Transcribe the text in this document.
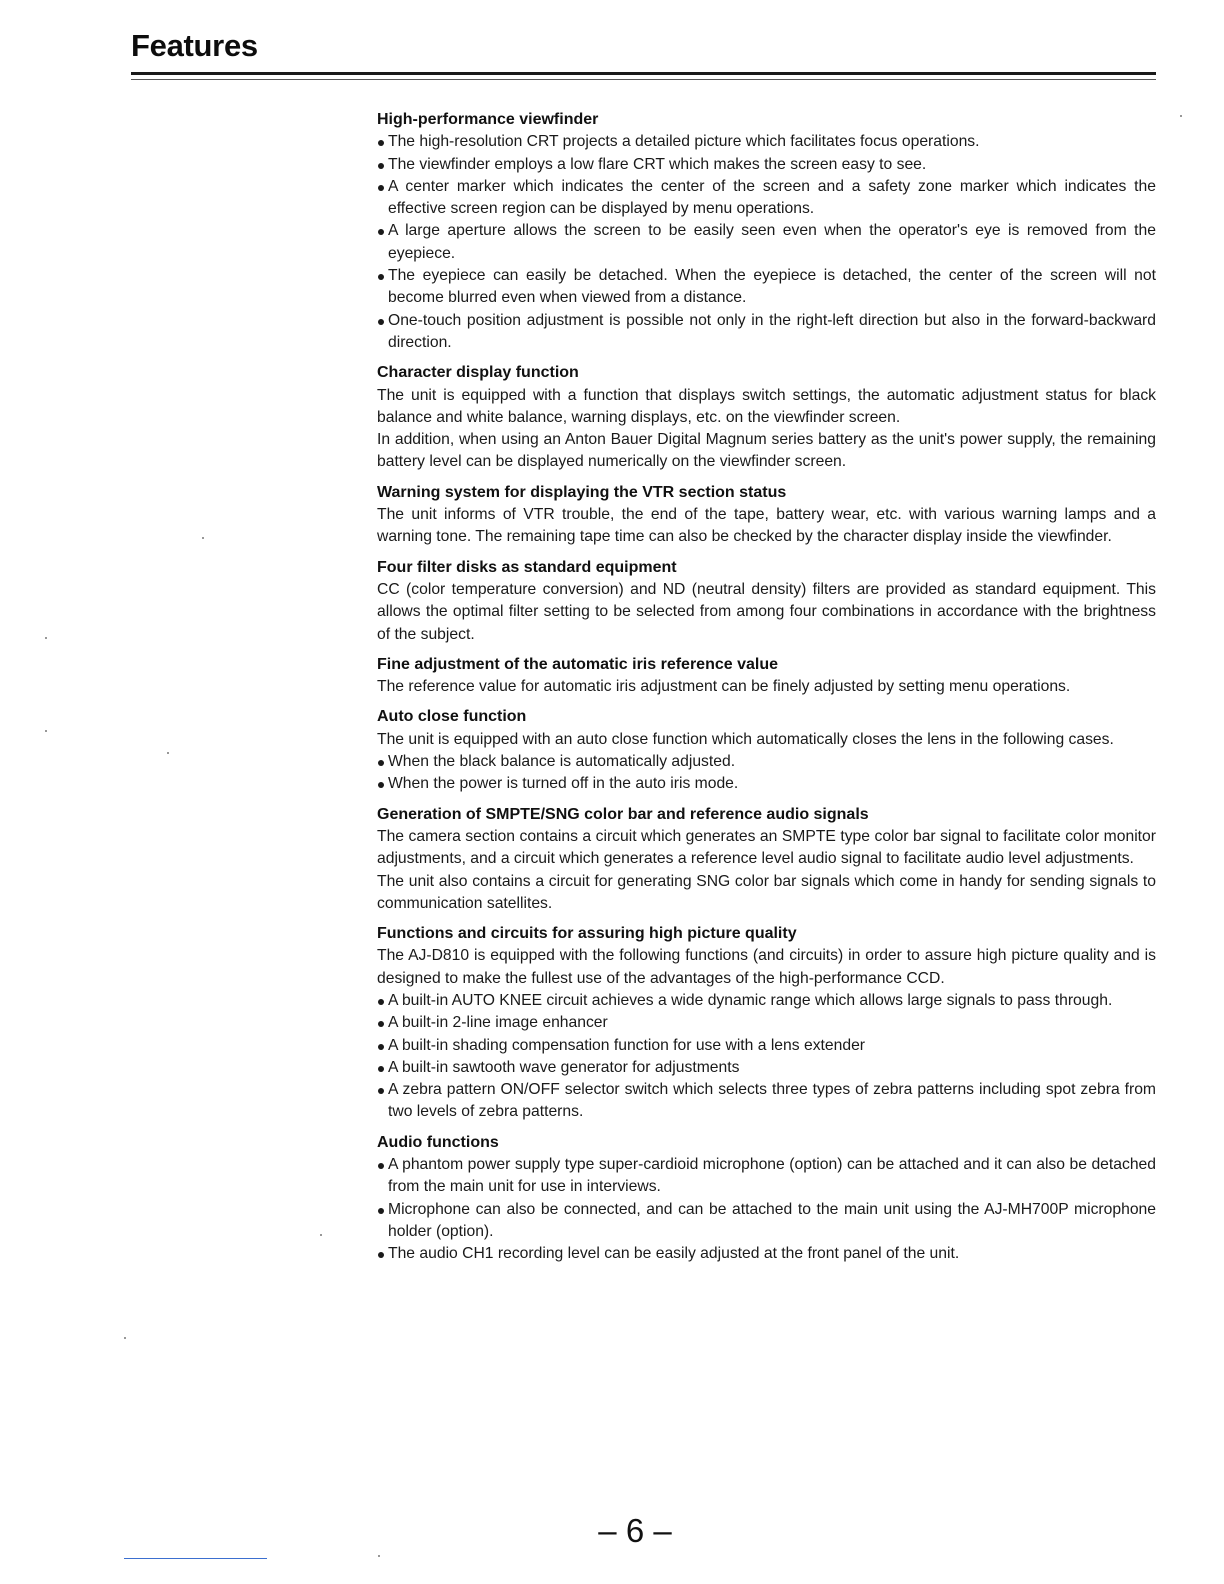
Features
High-performance viewfinder
The high-resolution CRT projects a detailed picture which facilitates focus operations.
The viewfinder employs a low flare CRT which makes the screen easy to see.
A center marker which indicates the center of the screen and a safety zone marker which indicates the effective screen region can be displayed by menu operations.
A large aperture allows the screen to be easily seen even when the operator's eye is removed from the eyepiece.
The eyepiece can easily be detached. When the eyepiece is detached, the center of the screen will not become blurred even when viewed from a distance.
One-touch position adjustment is possible not only in the right-left direction but also in the forward-backward direction.
Character display function

The unit is equipped with a function that displays switch settings, the automatic adjustment status for black balance and white balance, warning displays, etc. on the viewfinder screen.

In addition, when using an Anton Bauer Digital Magnum series battery as the unit's power supply, the remaining battery level can be displayed numerically on the viewfinder screen.

Warning system for displaying the VTR section status

The unit informs of VTR trouble, the end of the tape, battery wear, etc. with various warning lamps and a warning tone. The remaining tape time can also be checked by the character display inside the viewfinder.

Four filter disks as standard equipment

CC (color temperature conversion) and ND (neutral density) filters are provided as standard equipment. This allows the optimal filter setting to be selected from among four combinations in accordance with the brightness of the subject.

Fine adjustment of the automatic iris reference value

The reference value for automatic iris adjustment can be finely adjusted by setting menu operations.

Auto close function

The unit is equipped with an auto close function which automatically closes the lens in the following cases.

When the black balance is automatically adjusted.
When the power is turned off in the auto iris mode.
Generation of SMPTE/SNG color bar and reference audio signals

The camera section contains a circuit which generates an SMPTE type color bar signal to facilitate color monitor adjustments, and a circuit which generates a reference level audio signal to facilitate audio level adjustments.

The unit also contains a circuit for generating SNG color bar signals which come in handy for sending signals to communication satellites.

Functions and circuits for assuring high picture quality

The AJ-D810 is equipped with the following functions (and circuits) in order to assure high picture quality and is designed to make the fullest use of the advantages of the high-performance CCD.

A built-in AUTO KNEE circuit achieves a wide dynamic range which allows large signals to pass through.
A built-in 2-line image enhancer
A built-in shading compensation function for use with a lens extender
A built-in sawtooth wave generator for adjustments
A zebra pattern ON/OFF selector switch which selects three types of zebra patterns including spot zebra from two levels of zebra patterns.
Audio functions
A phantom power supply type super-cardioid microphone (option) can be attached and it can also be detached from the main unit for use in interviews.
Microphone can also be connected, and can be attached to the main unit using the AJ-MH700P microphone holder (option).
The audio CH1 recording level can be easily adjusted at the front panel of the unit.
– 6 –
